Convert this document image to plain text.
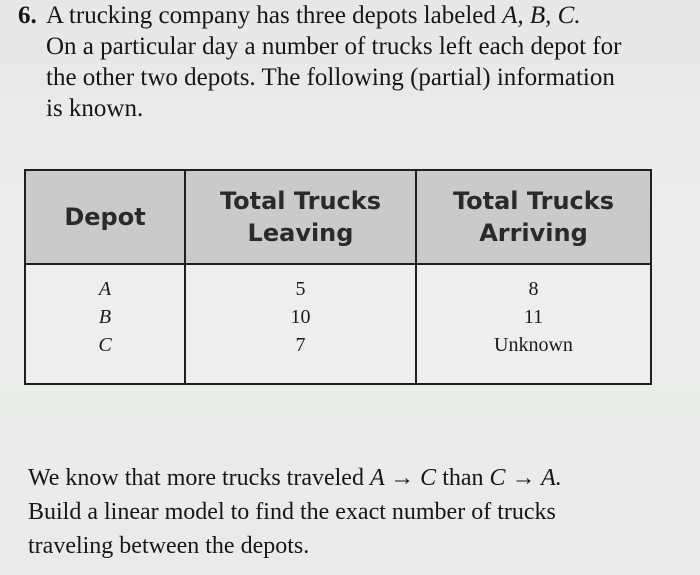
6. A trucking company has three depots labeled A, B, C.
On a particular day a number of trucks left each depot for
the other two depots. The following (partial) information
is known.
Depot
Total Trucks
Leaving
Total Trucks
Arriving
A
B
C
5
10
7
8
11
Unknown
We know that more trucks traveled A → C than C → A.
Build a linear model to find the exact number of trucks
traveling between the depots.
